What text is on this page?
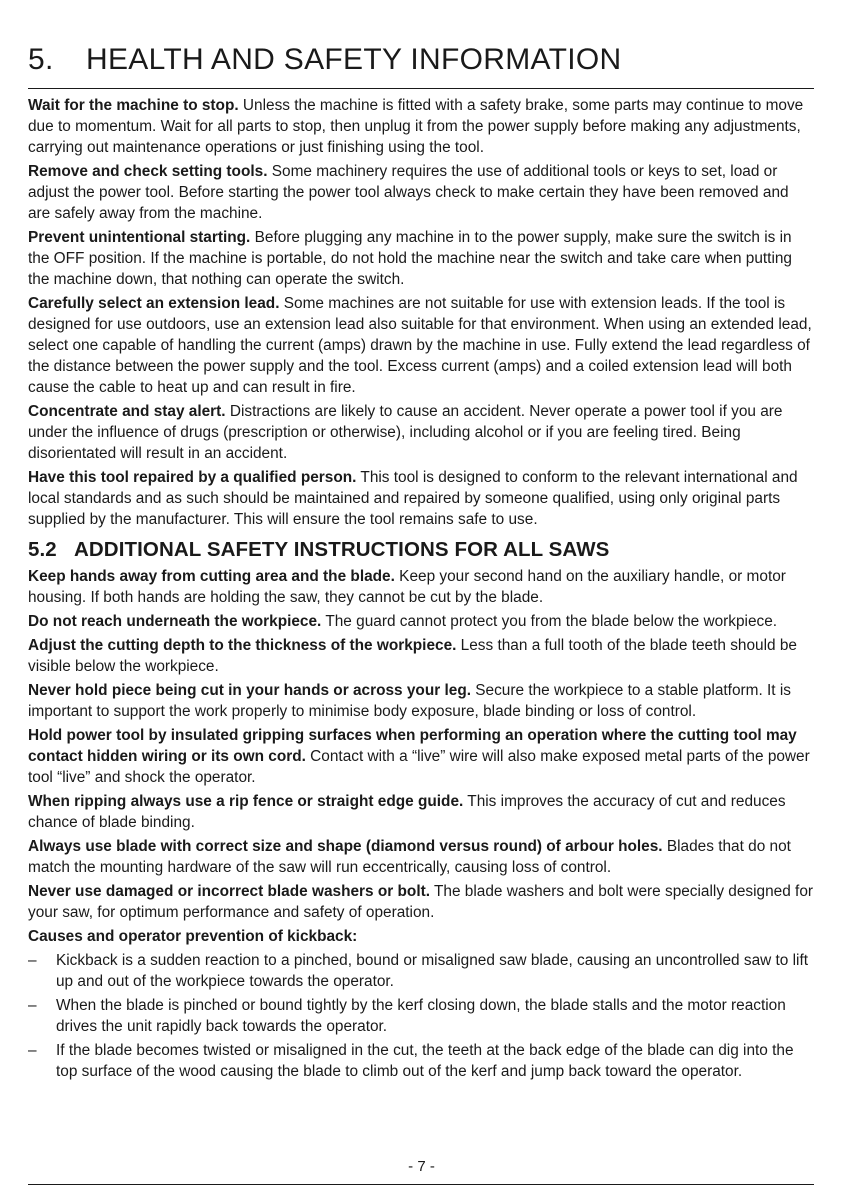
5. HEALTH AND SAFETY INFORMATION

Wait for the machine to stop. Unless the machine is fitted with a safety brake, some parts may continue to move due to momentum. Wait for all parts to stop, then unplug it from the power supply before making any adjustments, carrying out maintenance operations or just finishing using the tool.

Remove and check setting tools. Some machinery requires the use of additional tools or keys to set, load or adjust the power tool. Before starting the power tool always check to make certain they have been removed and are safely away from the machine.

Prevent unintentional starting. Before plugging any machine in to the power supply, make sure the switch is in the OFF position. If the machine is portable, do not hold the machine near the switch and take care when putting the machine down, that nothing can operate the switch.

Carefully select an extension lead. Some machines are not suitable for use with extension leads. If the tool is designed for use outdoors, use an extension lead also suitable for that environment. When using an extended lead, select one capable of handling the current (amps) drawn by the machine in use. Fully extend the lead regardless of the distance between the power supply and the tool. Excess current (amps) and a coiled extension lead will both cause the cable to heat up and can result in fire.

Concentrate and stay alert. Distractions are likely to cause an accident. Never operate a power tool if you are under the influence of drugs (prescription or otherwise), including alcohol or if you are feeling tired. Being disorientated will result in an accident.

Have this tool repaired by a qualified person. This tool is designed to conform to the relevant international and local standards and as such should be maintained and repaired by someone qualified, using only original parts supplied by the manufacturer. This will ensure the tool remains safe to use.

5.2 ADDITIONAL SAFETY INSTRUCTIONS FOR ALL SAWS

Keep hands away from cutting area and the blade. Keep your second hand on the auxiliary handle, or motor housing. If both hands are holding the saw, they cannot be cut by the blade.

Do not reach underneath the workpiece. The guard cannot protect you from the blade below the workpiece.

Adjust the cutting depth to the thickness of the workpiece. Less than a full tooth of the blade teeth should be visible below the workpiece.

Never hold piece being cut in your hands or across your leg. Secure the workpiece to a stable platform. It is important to support the work properly to minimise body exposure, blade binding or loss of control.

Hold power tool by insulated gripping surfaces when performing an operation where the cutting tool may contact hidden wiring or its own cord. Contact with a “live” wire will also make exposed metal parts of the power tool “live” and shock the operator.

When ripping always use a rip fence or straight edge guide. This improves the accuracy of cut and reduces chance of blade binding.

Always use blade with correct size and shape (diamond versus round) of arbour holes. Blades that do not match the mounting hardware of the saw will run eccentrically, causing loss of control.

Never use damaged or incorrect blade washers or bolt. The blade washers and bolt were specially designed for your saw, for optimum performance and safety of operation.

Causes and operator prevention of kickback:

– Kickback is a sudden reaction to a pinched, bound or misaligned saw blade, causing an uncontrolled saw to lift up and out of the workpiece towards the operator.
– When the blade is pinched or bound tightly by the kerf closing down, the blade stalls and the motor reaction drives the unit rapidly back towards the operator.
– If the blade becomes twisted or misaligned in the cut, the teeth at the back edge of the blade can dig into the top surface of the wood causing the blade to climb out of the kerf and jump back toward the operator.
- 7 -
